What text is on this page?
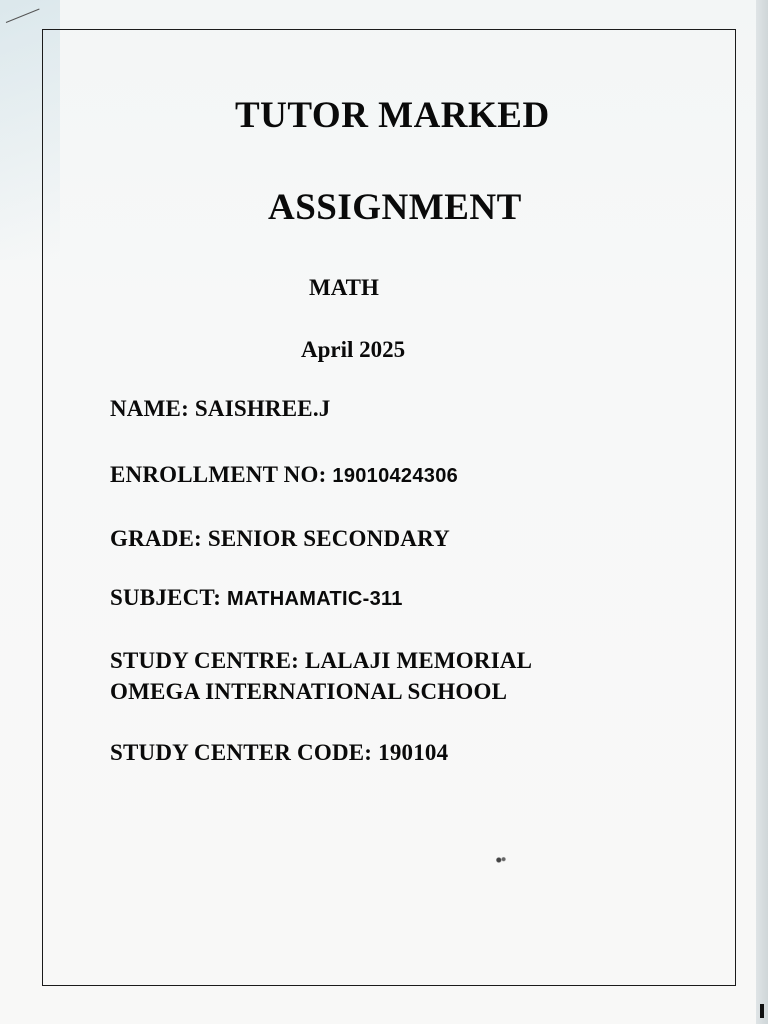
TUTOR MARKED
ASSIGNMENT
MATH
April 2025
NAME: SAISHREE.J
ENROLLMENT NO: 19010424306
GRADE: SENIOR SECONDARY
SUBJECT: MATHAMATIC-311
STUDY CENTRE: LALAJI MEMORIAL
OMEGA INTERNATIONAL SCHOOL
STUDY CENTER CODE: 190104
